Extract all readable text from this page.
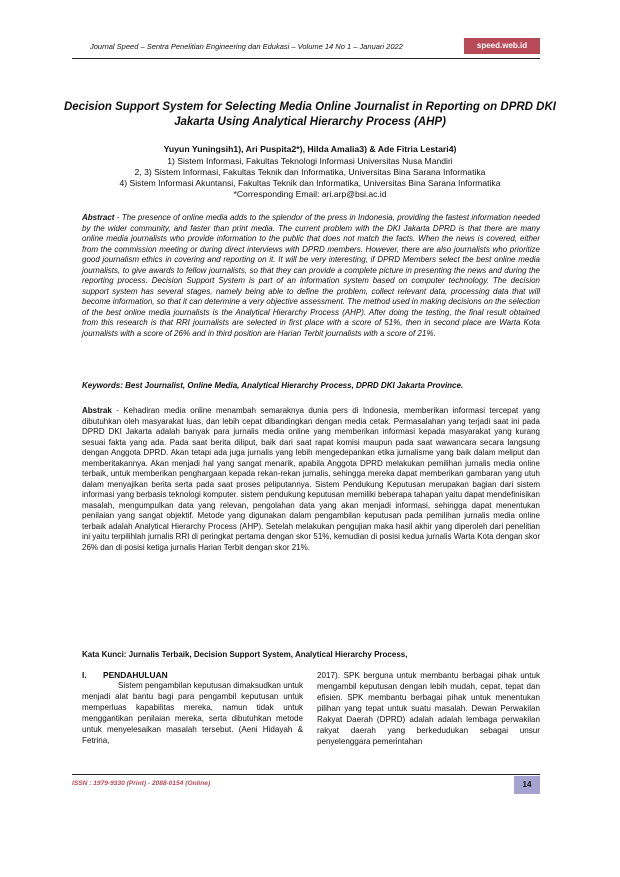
Journal Speed – Sentra Penelitian Engineering dan Edukasi – Volume 14 No 1 – Januari 2022	speed.web.id
Decision Support System for Selecting Media Online Journalist in Reporting on DPRD DKI Jakarta Using Analytical Hierarchy Process (AHP)
Yuyun Yuningsih1), Ari Puspita2*), Hilda Amalia3) & Ade Fitria Lestari4)
1) Sistem Informasi, Fakultas Teknologi Informasi Universitas Nusa Mandiri
2, 3) Sistem Informasi, Fakultas Teknik dan Informatika, Universitas Bina Sarana Informatika
4) Sistem Informasi Akuntansi, Fakultas Teknik dan Informatika, Universitas Bina Sarana Informatika
*Corresponding Email: ari.arp@bsi.ac.id
Abstract - The presence of online media adds to the splendor of the press in Indonesia, providing the fastest information needed by the wider community, and faster than print media. The current problem with the DKI Jakarta DPRD is that there are many online media journalists who provide information to the public that does not match the facts. When the news is covered, either from the commission meeting or during direct interviews with DPRD members. However, there are also journalists who prioritize good journalism ethics in covering and reporting on it. It will be very interesting, if DPRD Members select the best online media journalists, to give awards to fellow journalists, so that they can provide a complete picture in presenting the news and during the reporting process. Decision Support System is part of an information system based on computer technology. The decision support system has several stages, namely being able to define the problem, collect relevant data, processing data that will become information, so that it can determine a very objective assessment. The method used in making decisions on the selection of the best online media journalists is the Analytical Hierarchy Process (AHP). After doing the testing, the final result obtained from this research is that RRI journalists are selected in first place with a score of 51%, then in second place are Warta Kota journalists with a score of 26% and in third position are Harian Terbit journalists with a score of 21%.
Keywords: Best Journalist, Online Media, Analytical Hierarchy Process, DPRD DKI Jakarta Province.
Abstrak - Kehadiran media online menambah semaraknya dunia pers di Indonesia, memberikan informasi tercepat yang dibutuhkan oleh masyarakat luas, dan lebih cepat dibandingkan dengan media cetak. Permasalahan yang terjadi saat ini pada DPRD DKI Jakarta adalah banyak para jurnalis media online yang memberikan informasi kepada masyarakat yang kurang sesuai fakta yang ada. Pada saat berita diliput, baik dari saat rapat komisi maupun pada saat wawancara secara langsung dengan Anggota DPRD. Akan tetapi ada juga jurnalis yang lebih mengedepankan etika jurnalisme yang baik dalam meliput dan memberitakannya. Akan menjadi hal yang sangat menarik, apabila Anggota DPRD melakukan pemilihan jurnalis media online terbaik, untuk memberikan penghargaan kepada rekan-rekan jurnalis, sehingga mereka dapat memberikan gambaran yang utuh dalam menyajikan berita serta pada saat proses peliputannya. Sistem Pendukung Keputusan merupakan bagian dari sistem informasi yang berbasis teknologi komputer. sistem pendukung keputusan memiliki beberapa tahapan yaitu dapat mendefinisikan masalah, mengumpulkan data yang relevan, pengolahan data yang akan menjadi informasi, sehingga dapat menentukan penilaian yang sangat objektif. Metode yang digunakan dalam pengambilan keputusan pada pemilihan jurnalis media online terbaik adalah Analytical Hierarchy Process (AHP). Setelah melakukan pengujian maka hasil akhir yang diperoleh dari penelitian ini yaitu terpilihlah jurnalis RRI di peringkat pertama dengan skor 51%, kemudian di posisi kedua jurnalis Warta Kota dengan skor 26% dan di posisi ketiga jurnalis Harian Terbit dengan skor 21%.
Kata Kunci: Jurnalis Terbaik, Decision Support System, Analytical Hierarchy Process,
I. PENDAHULUAN
Sistem pengambilan keputusan dimaksudkan untuk menjadi alat bantu bagi para pengambil keputusan untuk memperluas kapabilitas mereka, namun tidak untuk menggantikan penilaian mereka, serta dibutuhkan metode untuk menyelesaikan masalah tersebut. (Aeni Hidayah & Fetrina,
2017). SPK berguna untuk membantu berbagai pihak untuk mengambil keputusan dengan lebih mudah, cepat, tepat dan efisien. SPK membantu berbagai pihak untuk menentukan pilihan yang tepat untuk suatu masalah. Dewan Perwakilan Rakyat Daerah (DPRD) adalah adalah lembaga perwakilan rakyat daerah yang berkedudukan sebagai unsur penyelenggara pemerintahan
ISSN : 1979-9330 (Print) - 2088-0154 (Online)	14
